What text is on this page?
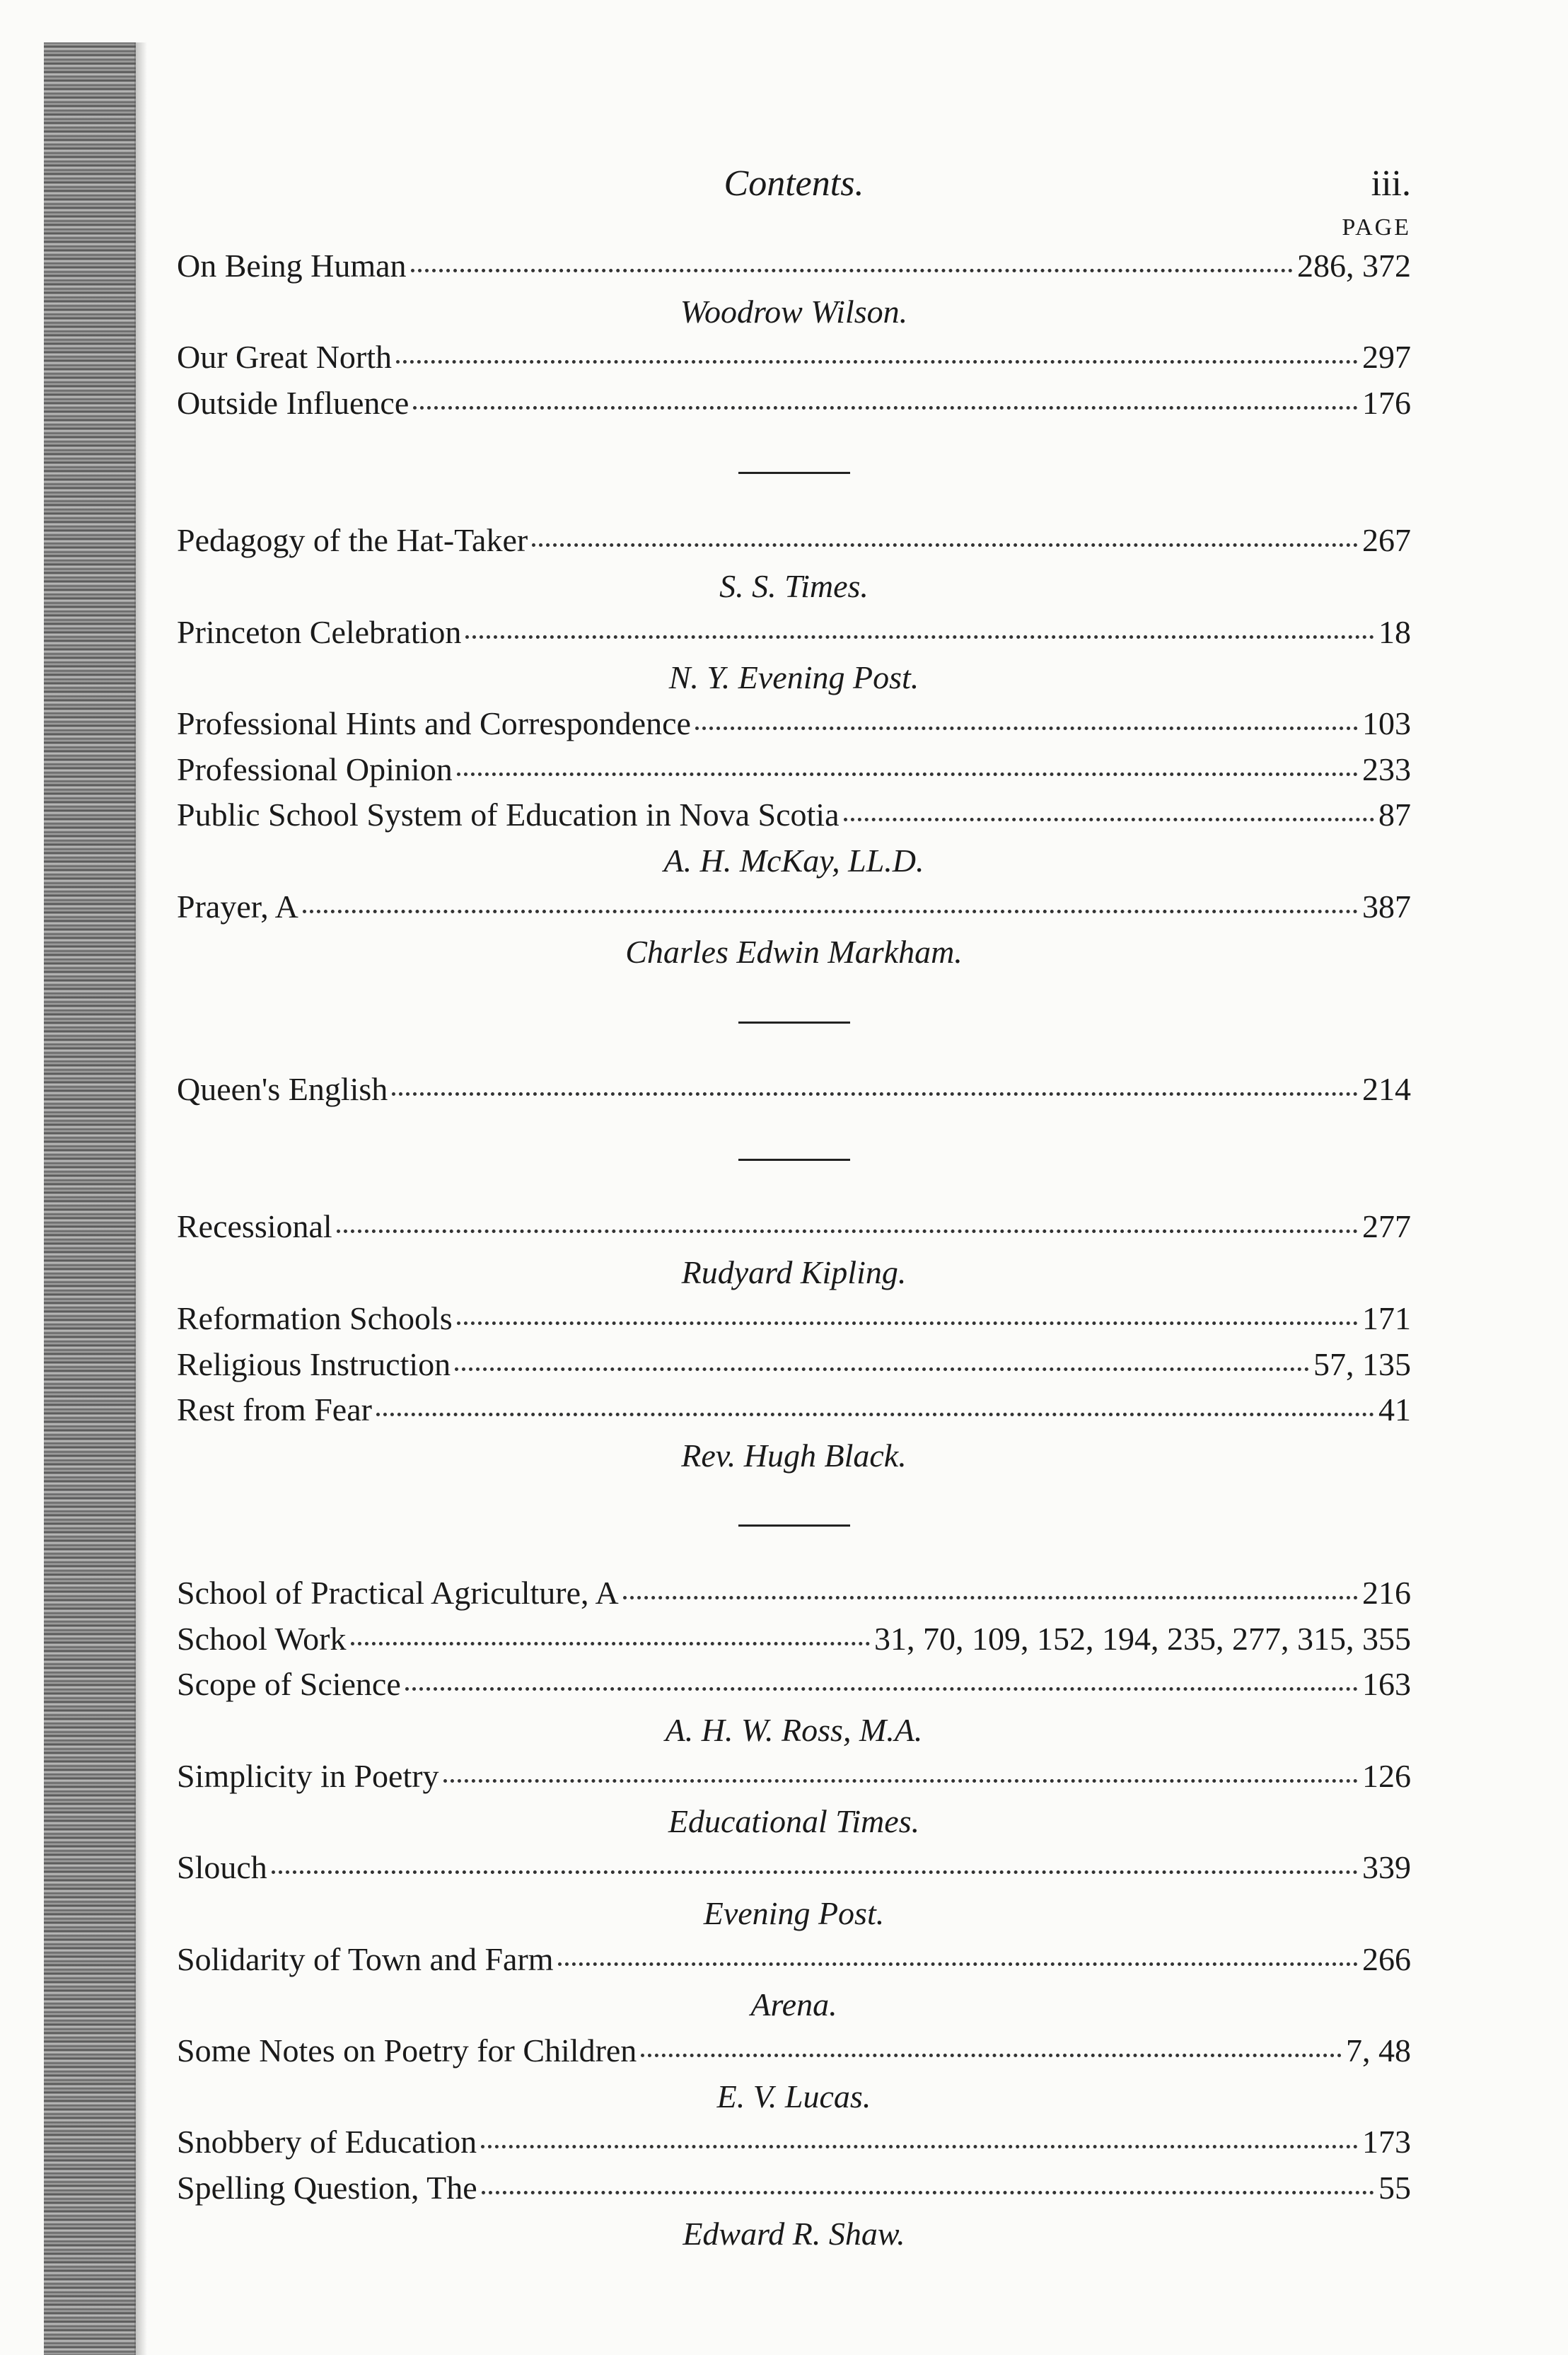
Contents.	iii.
PAGE
On Being Human	286, 372
Woodrow Wilson.
Our Great North	297
Outside Influence	176
Pedagogy of the Hat-Taker	267
S. S. Times.
Princeton Celebration	18
N. Y. Evening Post.
Professional Hints and Correspondence	103
Professional Opinion	233
Public School System of Education in Nova Scotia	87
A. H. McKay, LL.D.
Prayer, A	387
Charles Edwin Markham.
Queen's English	214
Recessional	277
Rudyard Kipling.
Reformation Schools	171
Religious Instruction	57, 135
Rest from Fear	41
Rev. Hugh Black.
School of Practical Agriculture, A	216
School Work	31, 70, 109, 152, 194, 235, 277, 315, 355
Scope of Science	163
A. H. W. Ross, M.A.
Simplicity in Poetry	126
Educational Times.
Slouch	339
Evening Post.
Solidarity of Town and Farm	266
Arena.
Some Notes on Poetry for Children	7, 48
E. V. Lucas.
Snobbery of Education	173
Spelling Question, The	55
Edward R. Shaw.
